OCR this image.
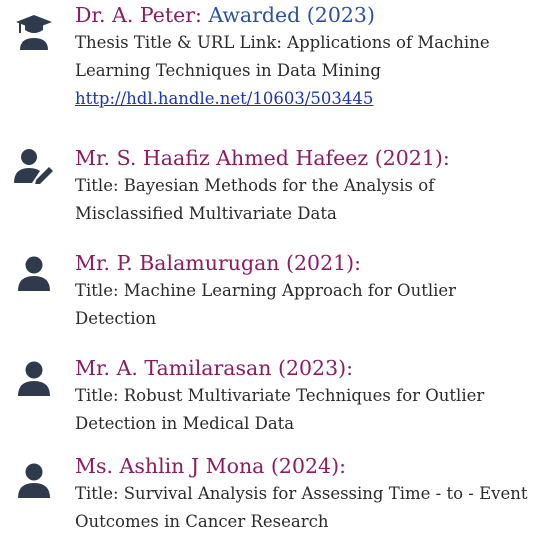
Dr. A. Peter: Awarded (2023)
Thesis Title & URL Link: Applications of Machine Learning Techniques in Data Mining
http://hdl.handle.net/10603/503445
Mr. S. Haafiz Ahmed Hafeez (2021):
Title: Bayesian Methods for the Analysis of Misclassified Multivariate Data
Mr. P. Balamurugan (2021):
Title: Machine Learning Approach for Outlier Detection
Mr. A. Tamilarasan (2023):
Title: Robust Multivariate Techniques for Outlier Detection in Medical Data
Ms. Ashlin J Mona (2024):
Title: Survival Analysis for Assessing Time - to - Event Outcomes in Cancer Research
